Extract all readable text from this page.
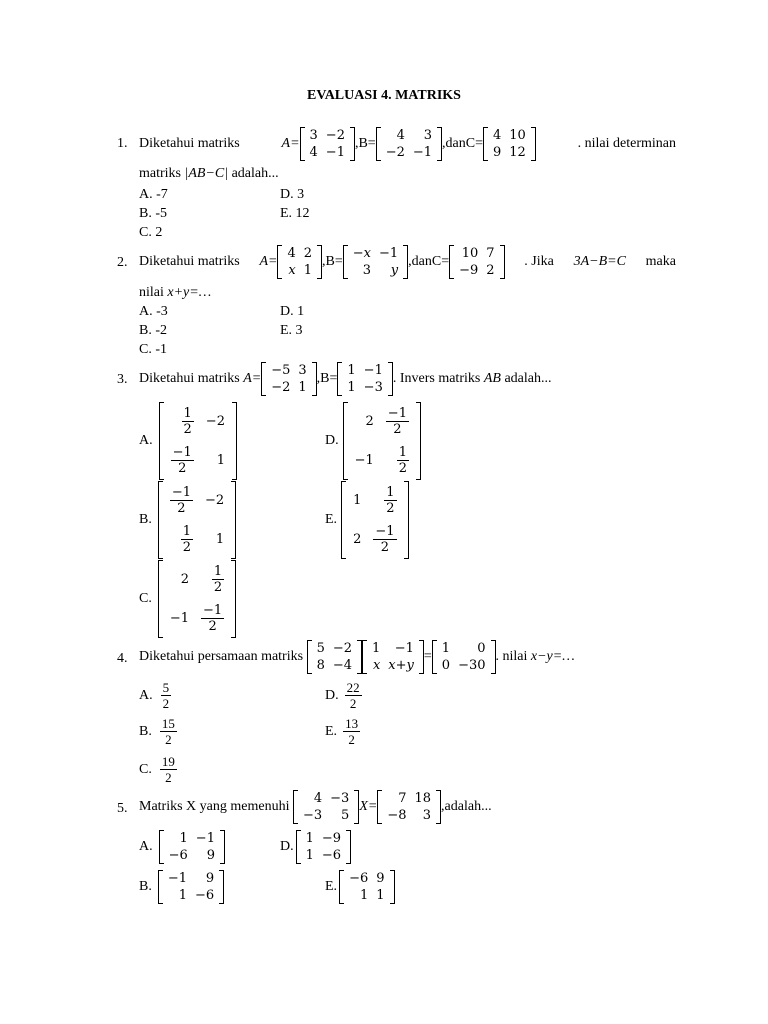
EVALUASI 4. MATRIKS
1. Diketahui matriks	A=
3	−2
4	−1
,B=
4	3
−2	−1
,danC=
4	10
9	12
. nilai determinan
matriks |AB−C| adalah...
A. -7
B. -5
C. 2
D. 3
E. 12
2. Diketahui matriks A=
4	2
x	1
,B=
−x	−1
3	y
,danC=
10	7
−9	2
. Jika 3A−B=C maka
nilai x+y=…
A. -3
B. -2
C. -1
D. 1
E. 3
3. Diketahui matriks
A=
−5	3
−2	1
,B=
1	−1
1	−3
. Invers matriks
AB
adalah...
A.
$\frac{1}{2}$	−2

$\frac{-1}{2}$	1
D.
2	$\frac{-1}{2}$

−1	$\frac{1}{2}$
B.
$\frac{-1}{2}$	−2

$\frac{1}{2}$	1
E.
1	$\frac{1}{2}$

2	$\frac{-1}{2}$
C.
2	$\frac{1}{2}$

−1	$\frac{-1}{2}$
4. Diketahui persamaan matriks

5	−2
8	−4
1	−1
x	x+y
=
1	0
0	−30
. nilai
x−y=…
A. $\frac{5}{2}$
B. $\frac{15}{2}$
C. $\frac{19}{2}$
D. $\frac{22}{2}$
E. $\frac{13}{2}$
5. Matriks X yang memenuhi

4	−3
−3	5
X=
7	18
−8	3
,adalah...
A.
1	−1
−6	9
B.
−1	9
1	−6
D.
1	−9
1	−6
E.
−6	9
1	1
